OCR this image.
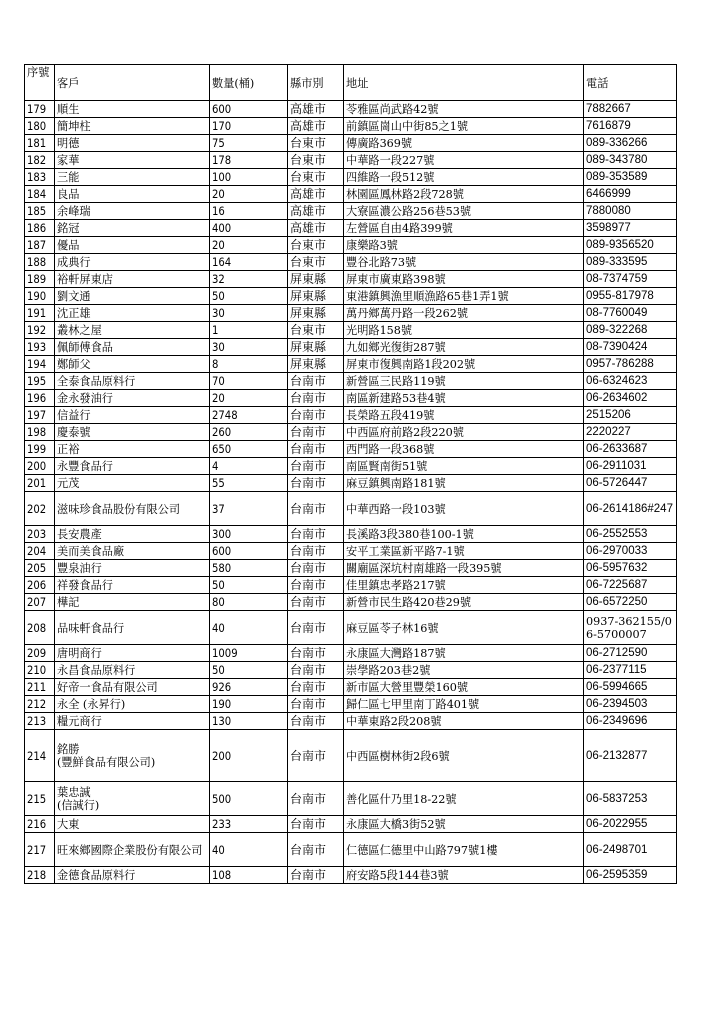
序號	客戶	數量(桶)	縣市別	地址	電話
179	順生	600	高雄市	苓雅區尚武路42號	7882667
180	簡坤柱	170	高雄市	前鎮區崗山中街85之1號	7616879
181	明德	75	台東市	傳廣路369號	089-336266
182	家華	178	台東市	中華路一段227號	089-343780
183	三能	100	台東市	四維路一段512號	089-353589
184	良品	20	高雄市	林園區鳳林路2段728號	6466999
185	余峰瑞	16	高雄市	大寮區濃公路256巷53號	7880080
186	銘冠	400	高雄市	左營區自由4路399號	3598977
187	優品	20	台東市	康樂路3號	089-9356520
188	成典行	164	台東市	豐谷北路73號	089-333595
189	裕軒屏東店	32	屏東縣	屏東市廣東路398號	08-7374759
190	劉文通	50	屏東縣	東港鎮興漁里順漁路65巷1弄1號	0955-817978
191	沈正雄	30	屏東縣	萬丹鄉萬丹路一段262號	08-7760049
192	叢林之屋	1	台東市	光明路158號	089-322268
193	佩師傅食品	30	屏東縣	九如鄉光復街287號	08-7390424
194	鄭師父	8	屏東縣	屏東市復興南路1段202號	0957-786288
195	全泰食品原料行	70	台南市	新營區三民路119號	06-6324623
196	金永發油行	20	台南市	南區新建路53巷4號	06-2634602
197	信益行	2748	台南市	長榮路五段419號	2515206
198	慶泰號	260	台南市	中西區府前路2段220號	2220227
199	正裕	650	台南市	西門路一段368號	06-2633687
200	永豐食品行	4	台南市	南區賢南街51號	06-2911031
201	元茂	55	台南市	麻豆鎮興南路181號	06-5726447
202	滋味珍食品股份有限公司	37	台南市	中華西路一段103號	06-2614186#247
203	長安農產	300	台南市	長溪路3段380巷100-1號	06-2552553
204	美而美食品廠	600	台南市	安平工業區新平路7-1號	06-2970033
205	豐泉油行	580	台南市	關廟區深坑村南雄路一段395號	06-5957632
206	祥發食品行	50	台南市	佳里鎮忠孝路217號	06-7225687
207	樺記	80	台南市	新營市民生路420巷29號	06-6572250
208	品味軒食品行	40	台南市	麻豆區苓子林16號	0937-362155/06-5700007
209	唐明商行	1009	台南市	永康區大灣路187號	06-2712590
210	永昌食品原料行	50	台南市	崇學路203巷2號	06-2377115
211	好帝一食品有限公司	926	台南市	新市區大營里豐榮160號	06-5994665
212	永全 (永昇行)	190	台南市	歸仁區七甲里南丁路401號	06-2394503
213	糧元商行	130	台南市	中華東路2段208號	06-2349696
214	銘勝
(豐鮮食品有限公司)	200	台南市	中西區樹林街2段6號	06-2132877
215	葉忠誠
(信誠行)	500	台南市	善化區什乃里18-22號	06-5837253
216	大東	233	台南市	永康區大橋3街52號	06-2022955
217	旺來鄉國際企業股份有限公司	40	台南市	仁德區仁德里中山路797號1樓	06-2498701
218	金德食品原料行	108	台南市	府安路5段144巷3號	06-2595359
